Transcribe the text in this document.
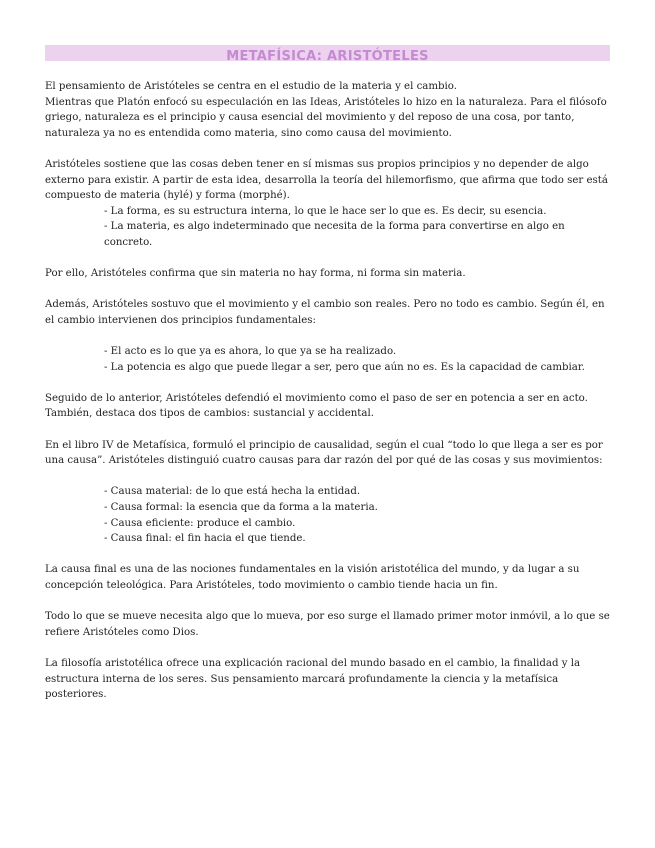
METAFÍSICA: ARISTÓTELES

El pensamiento de Aristóteles se centra en el estudio de la materia y el cambio.

Mientras que Platón enfocó su especulación en las Ideas, Aristóteles lo hizo en la naturaleza. Para el filósofo griego, naturaleza es el principio y causa esencial del movimiento y del reposo de una cosa, por tanto, naturaleza ya no es entendida como materia, sino como causa del movimiento.

Aristóteles sostiene que las cosas deben tener en sí mismas sus propios principios y no depender de algo externo para existir. A partir de esta idea, desarrolla la teoría del hilemorfismo, que afirma que todo ser está compuesto de materia (hylé) y forma (morphé).

- La forma, es su estructura interna, lo que le hace ser lo que es. Es decir, su esencia.

- La materia, es algo indeterminado que necesita de la forma para convertirse en algo en concreto.

Por ello, Aristóteles confirma que sin materia no hay forma, ni forma sin materia.

Además, Aristóteles sostuvo que el movimiento y el cambio son reales. Pero no todo es cambio. Según él, en el cambio intervienen dos principios fundamentales:

- El acto es lo que ya es ahora, lo que ya se ha realizado.

- La potencia es algo que puede llegar a ser, pero que aún no es. Es la capacidad de cambiar.

Seguido de lo anterior, Aristóteles defendió el movimiento como el paso de ser en potencia a ser en acto. También, destaca dos tipos de cambios: sustancial y accidental.

En el libro IV de Metafísica, formuló el principio de causalidad, según el cual “todo lo que llega a ser es por una causa”. Aristóteles distinguió cuatro causas para dar razón del por qué de las cosas y sus movimientos:

- Causa material: de lo que está hecha la entidad.

- Causa formal: la esencia que da forma a la materia.

- Causa eficiente: produce el cambio.

- Causa final: el fin hacia el que tiende.

La causa final es una de las nociones fundamentales en la visión aristotélica del mundo, y da lugar a su concepción teleológica. Para Aristóteles, todo movimiento o cambio tiende hacia un fin.

Todo lo que se mueve necesita algo que lo mueva, por eso surge el llamado primer motor inmóvil, a lo que se refiere Aristóteles como Dios.

La filosofía aristotélica ofrece una explicación racional del mundo basado en el cambio, la finalidad y la estructura interna de los seres. Sus pensamiento marcará profundamente la ciencia y la metafísica posteriores.
